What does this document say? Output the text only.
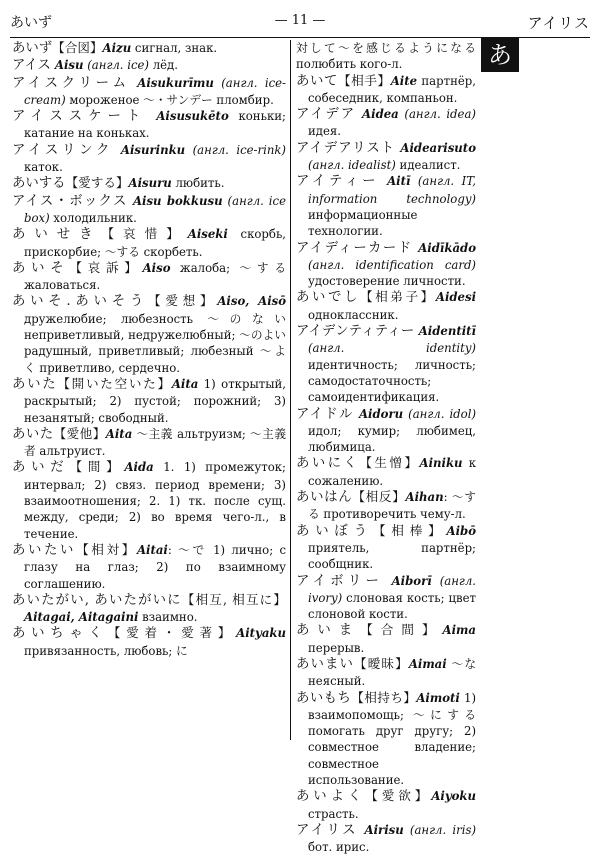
あいず	— 11 —	アイリス
あ

あいず【合図】Aizu сигнал, знак.

アイス Aisu (англ. ice) лёд.

アイスクリーム Aisukurīmu (англ. ice-cream) мороженое 〜・サンデー пломбир.

アイススケート Aisusukēto коньки; катание на коньках.

アイスリンク Aisurinku (англ. ice-rink) каток.

あいする【愛する】Aisuru любить.

アイス・ボックス Aisu bokkusu (англ. ice box) холодильник.

あいせき【哀惜】Aiseki скорбь, прискорбие; 〜する скорбеть.

あいそ【哀訴】Aiso жалоба; 〜する жаловаться.

あいそ.あいそう【愛想】Aiso, Aisō дружелюбие; любезность 〜のない неприветливый, недружелюбный; 〜のよい радушный, приветливый; любезный 〜よく приветливо, сердечно.

あいた【開いた空いた】Aita 1) открытый, раскрытый; 2) пустой; порожний; 3) незанятый; свободный.

あいた【愛他】Aita 〜主義 альтруизм; 〜主義者 альтруист.

あいだ【間】Aida 1. 1) промежуток; интервал; 2) связ. период времени; 3) взаимоотношения; 2. 1) тк. после сущ. между, среди; 2) во время чего-л., в течение.

あいたい【相対】Aitai: 〜で 1) лично; с глазу на глаз; 2) по взаимному соглашению.

あいたがい, あいたがいに【相互, 相互に】Aitagai, Aitagaini взаимно.

あいちゃく【愛着・愛著】Aityaku привязанность, любовь; に

対して〜を感じるようになる полюбить кого-л.

あいて【相手】Aite партнёр, собеседник, компаньон.

アイデア Aidea (англ. idea) идея.

アイデアリスト Aidearisuto (англ. idealist) идеалист.

アイティー Aitī (англ. IT, information technology) информационные технологии.

アイディーカード Aidīkādo (англ. identification card) удостоверение личности.

あいでし【相弟子】Aidesi одноклассник.

アイデンティティー Aidentitī (англ. identity) идентичность; личность; самодостаточность; самоидентификация.

アイドル Aidoru (англ. idol) идол; кумир; любимец, любимица.

あいにく【生憎】Ainiku к сожалению.

あいはん【相反】Aihan: 〜する противоречить чему-л.

あいぼう【相棒】Aibō приятель, партнёр; сообщник.

アイボリー Aiborī (англ. ivory) слоновая кость; цвет слоновой кости.

あいま【合間】Aima перерыв.

あいまい【曖昧】Aimai 〜な неясный.

あいもち【相持ち】Aimoti 1) взаимопомощь; 〜にする помогать друг другу; 2) совместное владение; совместное использование.

あいよく【愛欲】Aiyoku страсть.

アイリス Airisu (англ. iris) бот. ирис.
